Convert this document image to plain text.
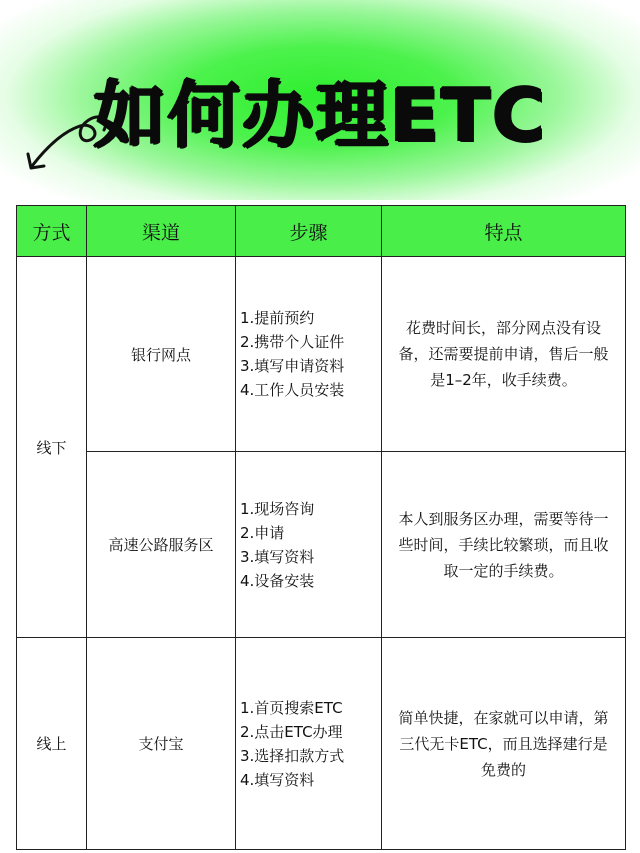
如何办理ETC
方式	渠道	步骤	特点
线下	银行网点	1.提前预约
2.携带个人证件
3.填写申请资料
4.工作人员安装	花费时间长，部分网点没有设备，还需要提前申请，售后一般是1–2年，收手续费。
	高速公路服务区	1.现场咨询
2.申请
3.填写资料
4.设备安装	本人到服务区办理，需要等待一些时间，手续比较繁琐，而且收取一定的手续费。
线上	支付宝	1.首页搜索ETC
2.点击ETC办理
3.选择扣款方式
4.填写资料	简单快捷，在家就可以申请，第三代无卡ETC，而且选择建行是免费的
